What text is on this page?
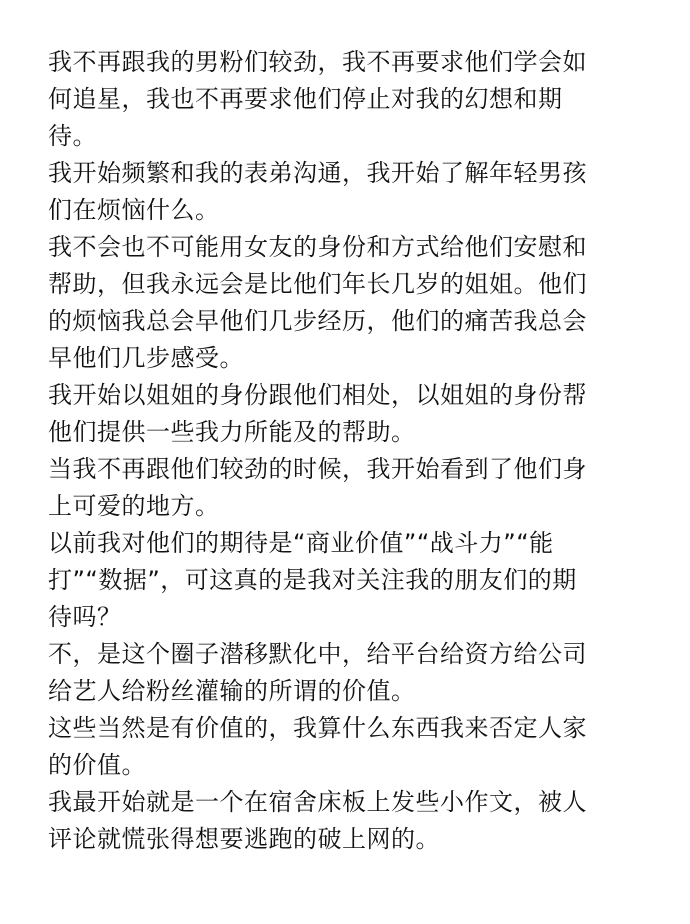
我不再跟我的男粉们较劲，我不再要求他们学会如
何追星，我也不再要求他们停止对我的幻想和期
待。

我开始频繁和我的表弟沟通，我开始了解年轻男孩
们在烦恼什么。

我不会也不可能用女友的身份和方式给他们安慰和
帮助，但我永远会是比他们年长几岁的姐姐。他们
的烦恼我总会早他们几步经历，他们的痛苦我总会
早他们几步感受。

我开始以姐姐的身份跟他们相处，以姐姐的身份帮
他们提供一些我力所能及的帮助。

当我不再跟他们较劲的时候，我开始看到了他们身
上可爱的地方。

以前我对他们的期待是“商业价值”“战斗力”“能
打”“数据”，可这真的是我对关注我的朋友们的期
待吗？

不，是这个圈子潜移默化中，给平台给资方给公司
给艺人给粉丝灌输的所谓的价值。

这些当然是有价值的，我算什么东西我来否定人家
的价值。

我最开始就是一个在宿舍床板上发些小作文，被人
评论就慌张得想要逃跑的破上网的。
